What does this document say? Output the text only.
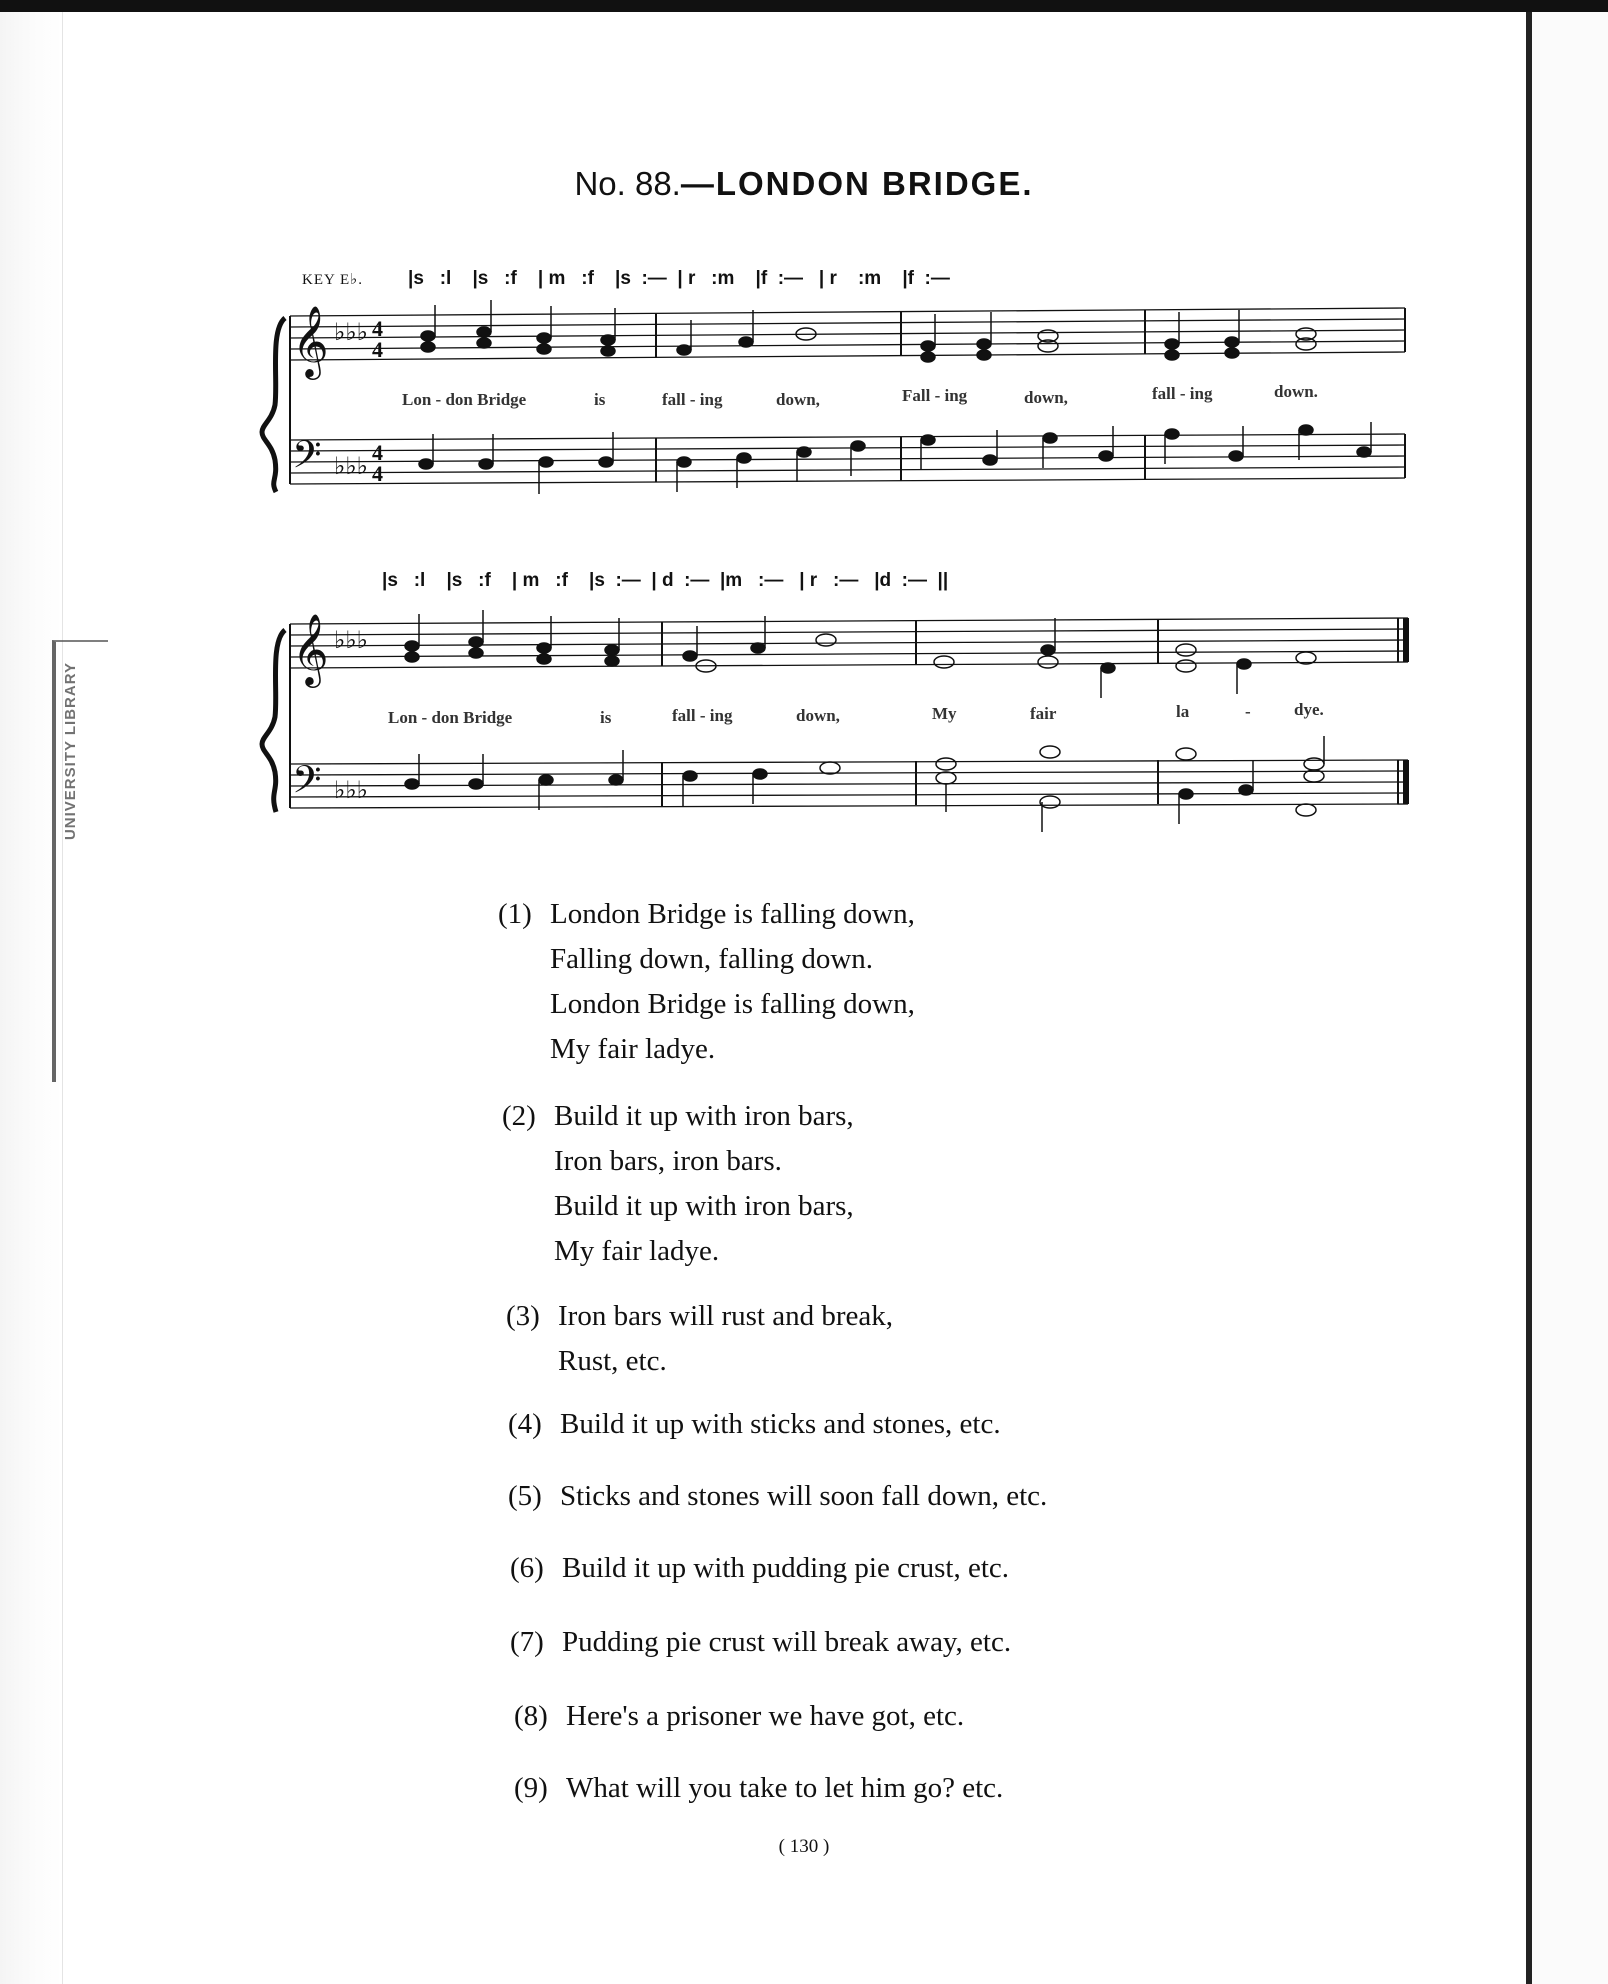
UNIVERSITY LIBRARY
No. 88.—LONDON BRIDGE.
KEY E♭. |s   :l    |s   :f    | m   :f    |s  :—  | r   :m    |f  :—   | r    :m    |f  :—
|s   :l    |s   :f    | m   :f    |s  :—  | d  :—  |m   :—   | r   :—   |d  :—  ||
Lon - don Bridge	is	fall - ing	down,	Fall - ing	down,	fall - ing	down.
Lon - don Bridge	is	fall - ing	down,	My	fair	la	-	dye.
𝄞
𝄢
♭♭♭
♭♭♭
4
4
4
4
𝄞
𝄢
♭♭♭
♭♭♭
(1) London Bridge is falling down,
Falling down, falling down.
London Bridge is falling down,
My fair ladye.
(2) Build it up with iron bars,
Iron bars, iron bars.
Build it up with iron bars,
My fair ladye.
(3) Iron bars will rust and break,
Rust, etc.
(4) Build it up with sticks and stones, etc.
(5) Sticks and stones will soon fall down, etc.
(6) Build it up with pudding pie crust, etc.
(7) Pudding pie crust will break away, etc.
(8) Here's a prisoner we have got, etc.
(9) What will you take to let him go? etc.
( 130 )
